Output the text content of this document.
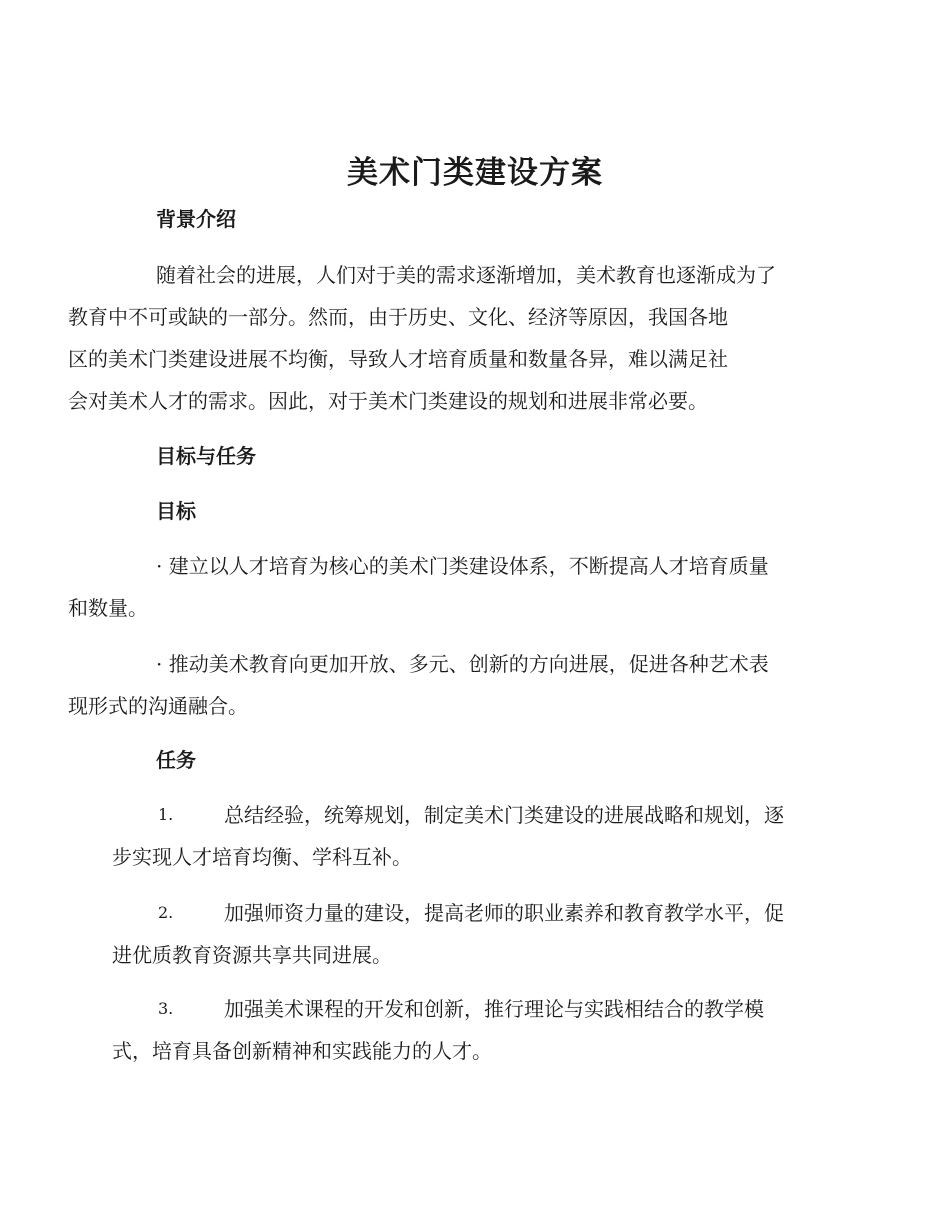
美术门类建设方案
背景介绍
随着社会的进展，人们对于美的需求逐渐增加，美术教育也逐渐成为了
教育中不可或缺的一部分。然而，由于历史、文化、经济等原因，我国各地
区的美术门类建设进展不均衡，导致人才培育质量和数量各异，难以满足社
会对美术人才的需求。因此，对于美术门类建设的规划和进展非常必要。
目标与任务
目标
· 建立以人才培育为核心的美术门类建设体系，不断提高人才培育质量
和数量。
· 推动美术教育向更加开放、多元、创新的方向进展，促进各种艺术表
现形式的沟通融合。
任务
1.	总结经验，统筹规划，制定美术门类建设的进展战略和规划，逐
步实现人才培育均衡、学科互补。
2.	加强师资力量的建设，提高老师的职业素养和教育教学水平，促
进优质教育资源共享共同进展。
3.	加强美术课程的开发和创新，推行理论与实践相结合的教学模
式，培育具备创新精神和实践能力的人才。
